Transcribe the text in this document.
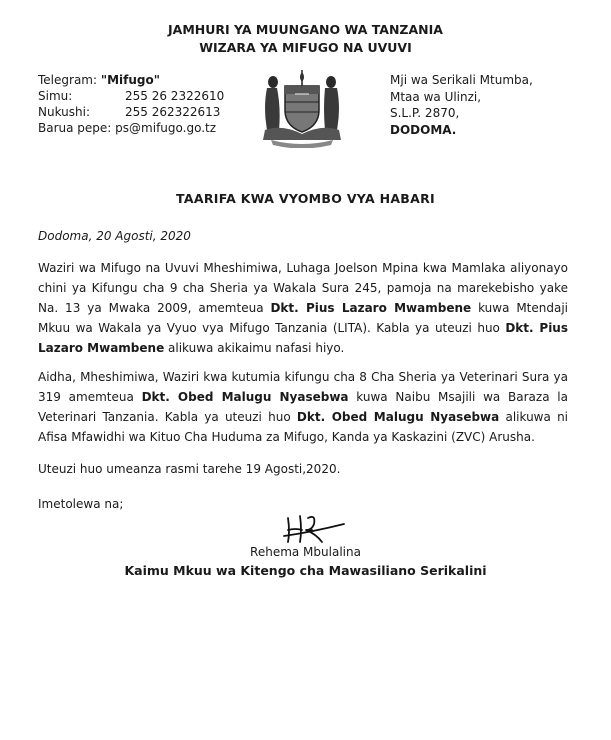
JAMHURI YA MUUNGANO WA TANZANIA
WIZARA YA MIFUGO NA UVUVI
Telegram: "Mifugo"
Simu:	255 26 2322610
Nukushi:	255 262322613
Barua pepe: ps@mifugo.go.tz
Mji wa Serikali Mtumba,
Mtaa wa Ulinzi,
S.L.P. 2870,
DODOMA.
TAARIFA KWA VYOMBO VYA HABARI
Dodoma, 20 Agosti, 2020
Waziri wa Mifugo na Uvuvi Mheshimiwa, Luhaga Joelson Mpina kwa Mamlaka aliyonayo chini ya Kifungu cha 9 cha Sheria ya Wakala Sura 245, pamoja na marekebisho yake Na. 13 ya Mwaka 2009, amemteua Dkt. Pius Lazaro Mwambene kuwa Mtendaji Mkuu wa Wakala ya Vyuo vya Mifugo Tanzania (LITA). Kabla ya uteuzi huo Dkt. Pius Lazaro Mwambene alikuwa akikaimu nafasi hiyo.
Aidha, Mheshimiwa, Waziri kwa kutumia kifungu cha 8 Cha Sheria ya Veterinari Sura ya 319 amemteua Dkt. Obed Malugu Nyasebwa kuwa Naibu Msajili wa Baraza la Veterinari Tanzania. Kabla ya uteuzi huo Dkt. Obed Malugu Nyasebwa alikuwa ni Afisa Mfawidhi wa Kituo Cha Huduma za Mifugo, Kanda ya Kaskazini (ZVC) Arusha.
Uteuzi huo umeanza rasmi tarehe 19 Agosti,2020.
Imetolewa na;
Rehema Mbulalina
Kaimu Mkuu wa Kitengo cha Mawasiliano Serikalini
